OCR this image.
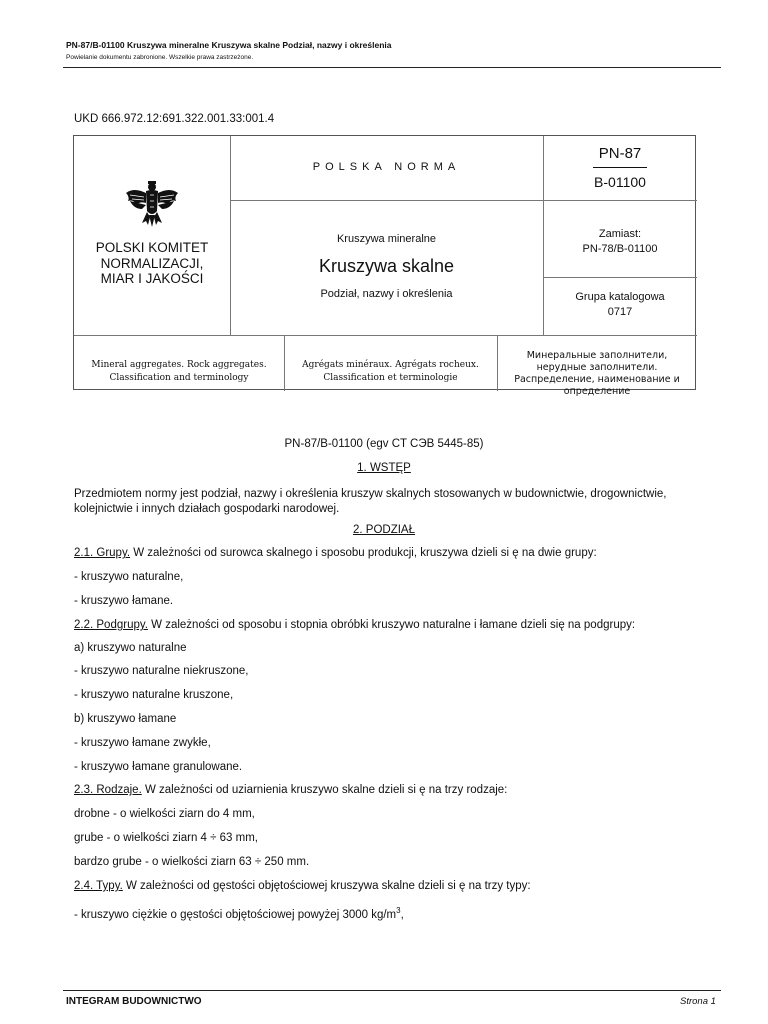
PN-87/B-01100 Kruszywa mineralne Kruszywa skalne Podział, nazwy i określenia
Powielanie dokumentu zabronione. Wszelkie prawa zastrzeżone.
UKD 666.972.12:691.322.001.33:001.4
POLSKI KOMITET
NORMALIZACJI,
MIAR I JAKOŚCI
POLSKA NORMA
Kruszywa mineralne
Kruszywa skalne
Podział, nazwy i określenia
PN-87
B-01100
Zamiast:
PN-78/B-01100
Grupa katalogowa
0717
Mineral aggregates. Rock aggregates.
Classification and terminology
Agrégats minéraux. Agrégats rocheux.
Classification et terminologie
Минеральные заполнители,
нерудные заполнители.
Распределение, наименование и
определение
PN-87/B-01100 (egv CT CЭB 5445-85)
1. WSTĘP
Przedmiotem normy jest podział, nazwy i określenia kruszyw skalnych stosowanych w budownictwie, drogownictwie,
kolejnictwie i innych działach gospodarki narodowej.
2. PODZIAŁ
2.1. Grupy. W zależności od surowca skalnego i sposobu produkcji, kruszywa dzieli si ę na dwie grupy:
- kruszywo naturalne,
- kruszywo łamane.
2.2. Podgrupy. W zależności od sposobu i stopnia obróbki kruszywo naturalne i łamane dzieli się na podgrupy:
a) kruszywo naturalne
- kruszywo naturalne niekruszone,
- kruszywo naturalne kruszone,
b) kruszywo łamane
- kruszywo łamane zwykłe,
- kruszywo łamane granulowane.
2.3. Rodzaje. W zależności od uziarnienia kruszywo skalne dzieli si ę na trzy rodzaje:
drobne - o wielkości ziarn do 4 mm,
grube - o wielkości ziarn 4 ÷ 63 mm,
bardzo grube - o wielkości ziarn 63 ÷ 250 mm.
2.4. Typy. W zależności od gęstości objętościowej kruszywa skalne dzieli si ę na trzy typy:
- kruszywo ciężkie o gęstości objętościowej powyżej 3000 $kg/m^3$,
INTEGRAM BUDOWNICTWO	Strona 1
